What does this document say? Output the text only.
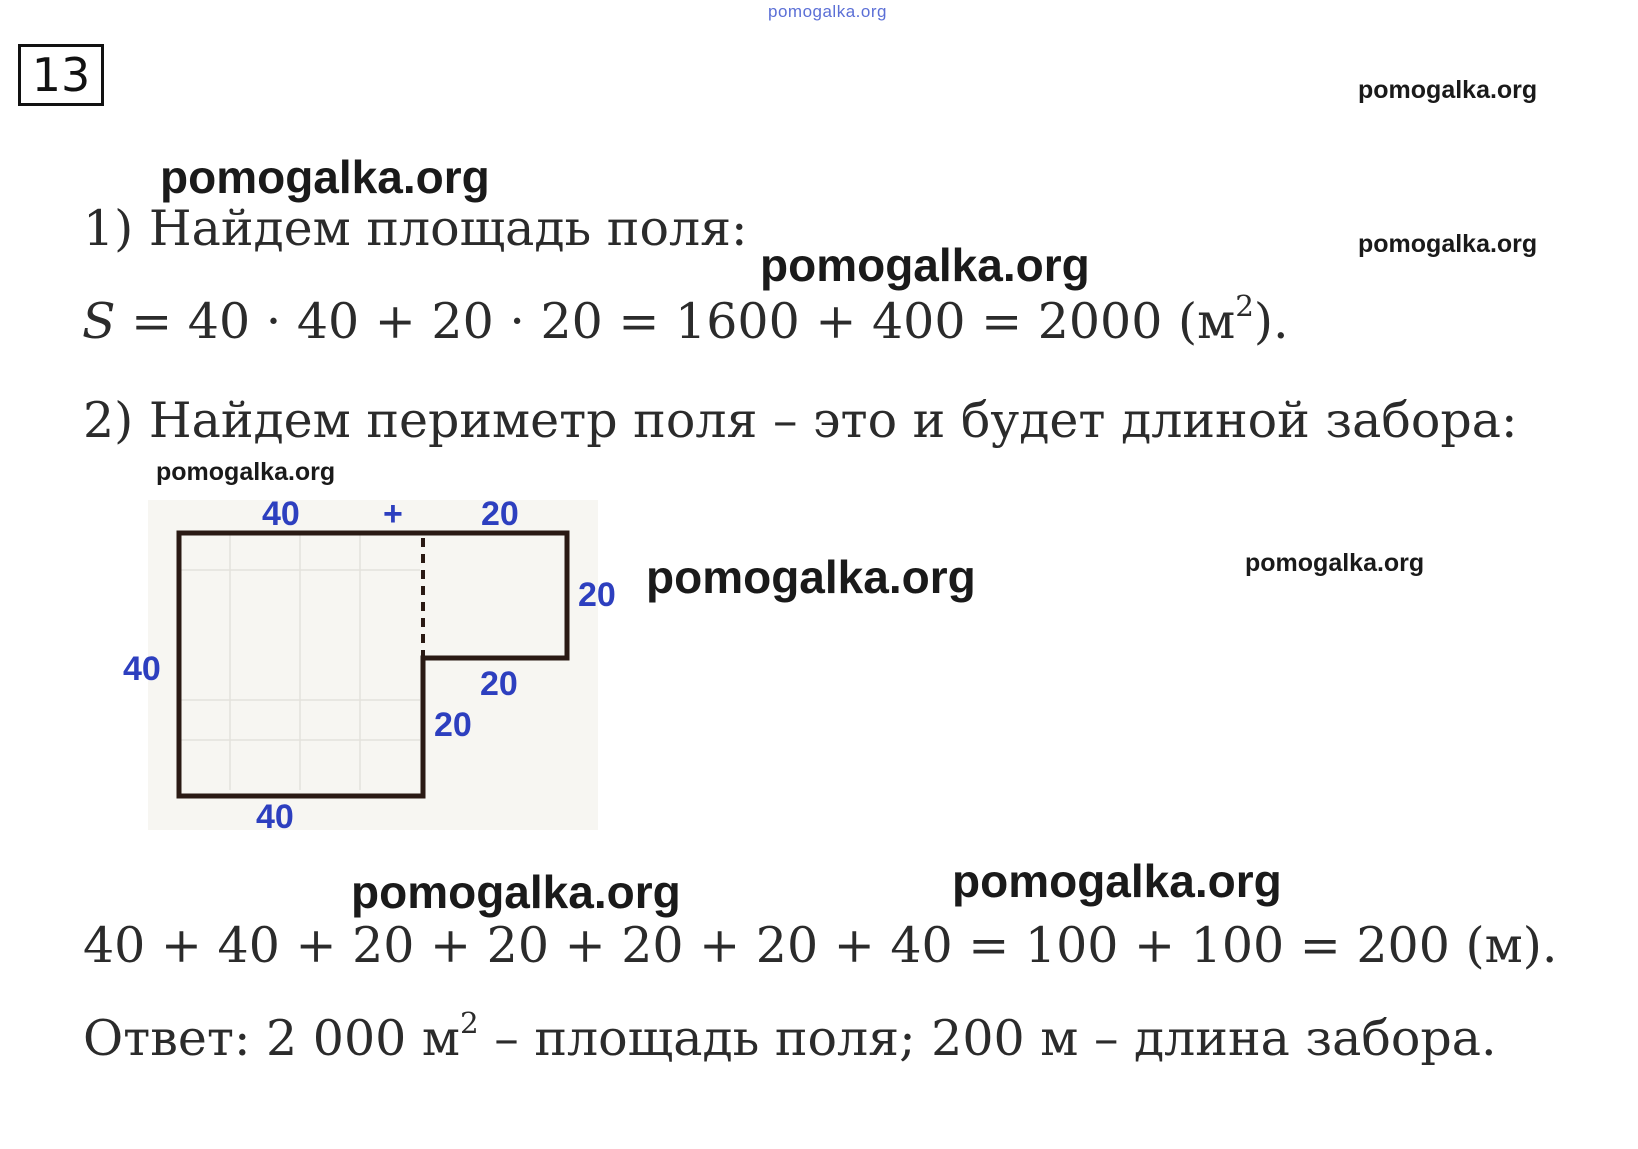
pomogalka.org
13	pomogalka.org
pomogalka.org
pomogalka.org
pomogalka.org
1) Найдем площадь поля:
S = 40 · 40 + 20 · 20 = 1600 + 400 = 2000 $(м^2)$.
2) Найдем периметр поля – это и будет длиной забора:
pomogalka.org
40 + 20
20
20
20
40
40
pomogalka.org	pomogalka.org
pomogalka.org	pomogalka.org
40 + 40 + 20 + 20 + 20 + 20 + 40 = 100 + 100 = 200 (м).
Ответ: 2 000 $м^2$ – площадь поля; 200 м – длина забора.
